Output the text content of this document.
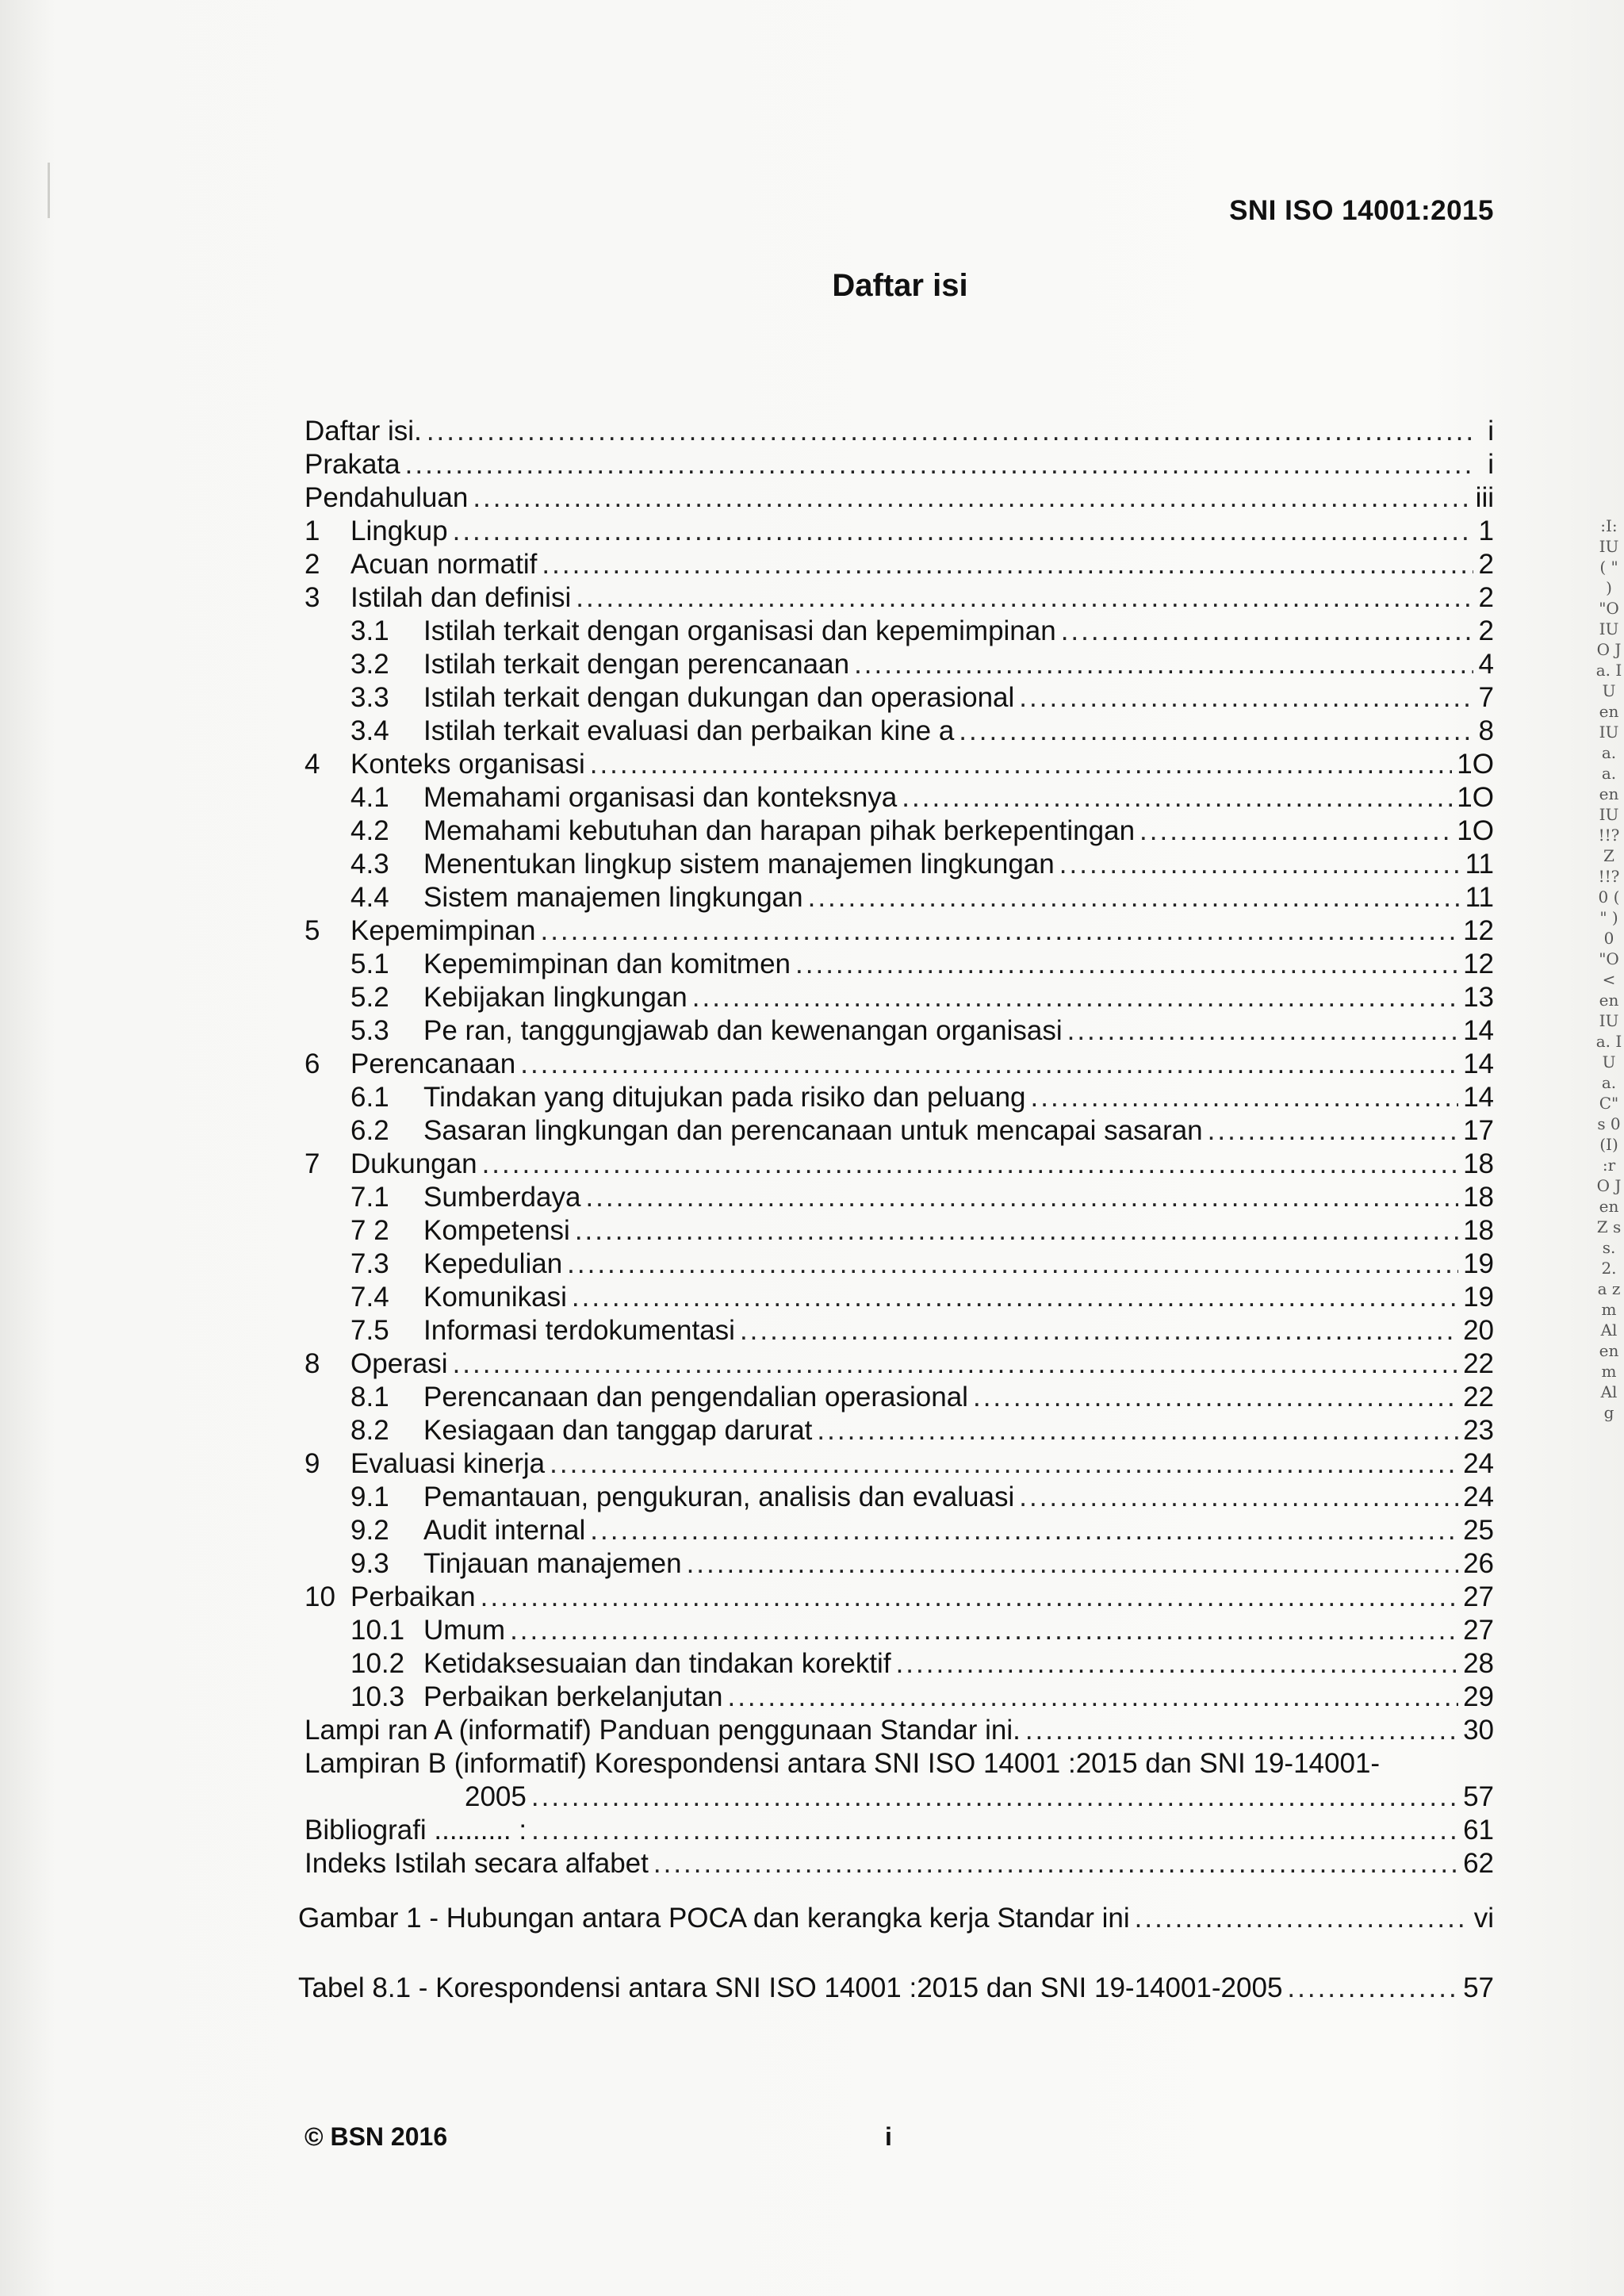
SNI ISO 14001:2015
Daftar isi
Daftar isi. .....	i
Prakata .....	i
Pendahuluan .....	iii
1 Lingkup .....	1
2 Acuan normatif .....	2
3 Istilah dan definisi .....	2
3.1 Istilah terkait dengan organisasi dan kepemimpinan .....	2
3.2 Istilah terkait dengan perencanaan .....	4
3.3 Istilah terkait dengan dukungan dan operasional .....	7
3.4 Istilah terkait evaluasi dan perbaikan kine a .....	8
4 Konteks organisasi .....	1O
4.1 Memahami organisasi dan konteksnya .....	1O
4.2 Memahami kebutuhan dan harapan pihak berkepentingan .....	1O
4.3 Menentukan lingkup sistem manajemen lingkungan .....	11
4.4 Sistem manajemen lingkungan .....	11
5 Kepemimpinan .....	12
5.1 Kepemimpinan dan komitmen .....	12
5.2 Kebijakan lingkungan .....	13
5.3 Pe ran, tanggungjawab dan kewenangan organisasi .....	14
6 Perencanaan .....	14
6.1 Tindakan yang ditujukan pada risiko dan peluang .....	14
6.2 Sasaran lingkungan dan perencanaan untuk mencapai sasaran .....	17
7 Dukungan .....	18
7.1 Sumberdaya .....	18
7 2 Kompetensi .....	18
7.3 Kepedulian .....	19
7.4 Komunikasi .....	19
7.5 Informasi terdokumentasi .....	20
8 Operasi .....	22
8.1 Perencanaan dan pengendalian operasional .....	22
8.2 Kesiagaan dan tanggap darurat .....	23
9 Evaluasi kinerja .....	24
9.1 Pemantauan, pengukuran, analisis dan evaluasi .....	24
9.2 Audit internal .....	25
9.3 Tinjauan manajemen .....	26
10 Perbaikan .....	27
10.1 Umum .....	27
10.2 Ketidaksesuaian dan tindakan korektif .....	28
10.3 Perbaikan berkelanjutan .....	29
Lampi ran A (informatif) Panduan penggunaan Standar ini. .....	30
Lampiran B (informatif) Korespondensi antara SNI ISO 14001 :2015 dan SNI 19-14001-
2005 .....	57
Bibliografi .......... : .....	61
Indeks Istilah secara alfabet .....	62
Gambar 1 - Hubungan antara POCA dan kerangka kerja Standar ini .....	vi
Tabel 8.1 - Korespondensi antara SNI ISO 14001 :2015 dan SNI 19-14001-2005 .....	57
© BSN 2016	i
:I: IU ( " ) "O IU O J a. IU en IU a. a. en IU !!? Z !!? 0 ( " ) 0 "O < en IU a. IU a. C" s 0 (I) :r O J en Z s s. 2. a z m Al en m Al g
